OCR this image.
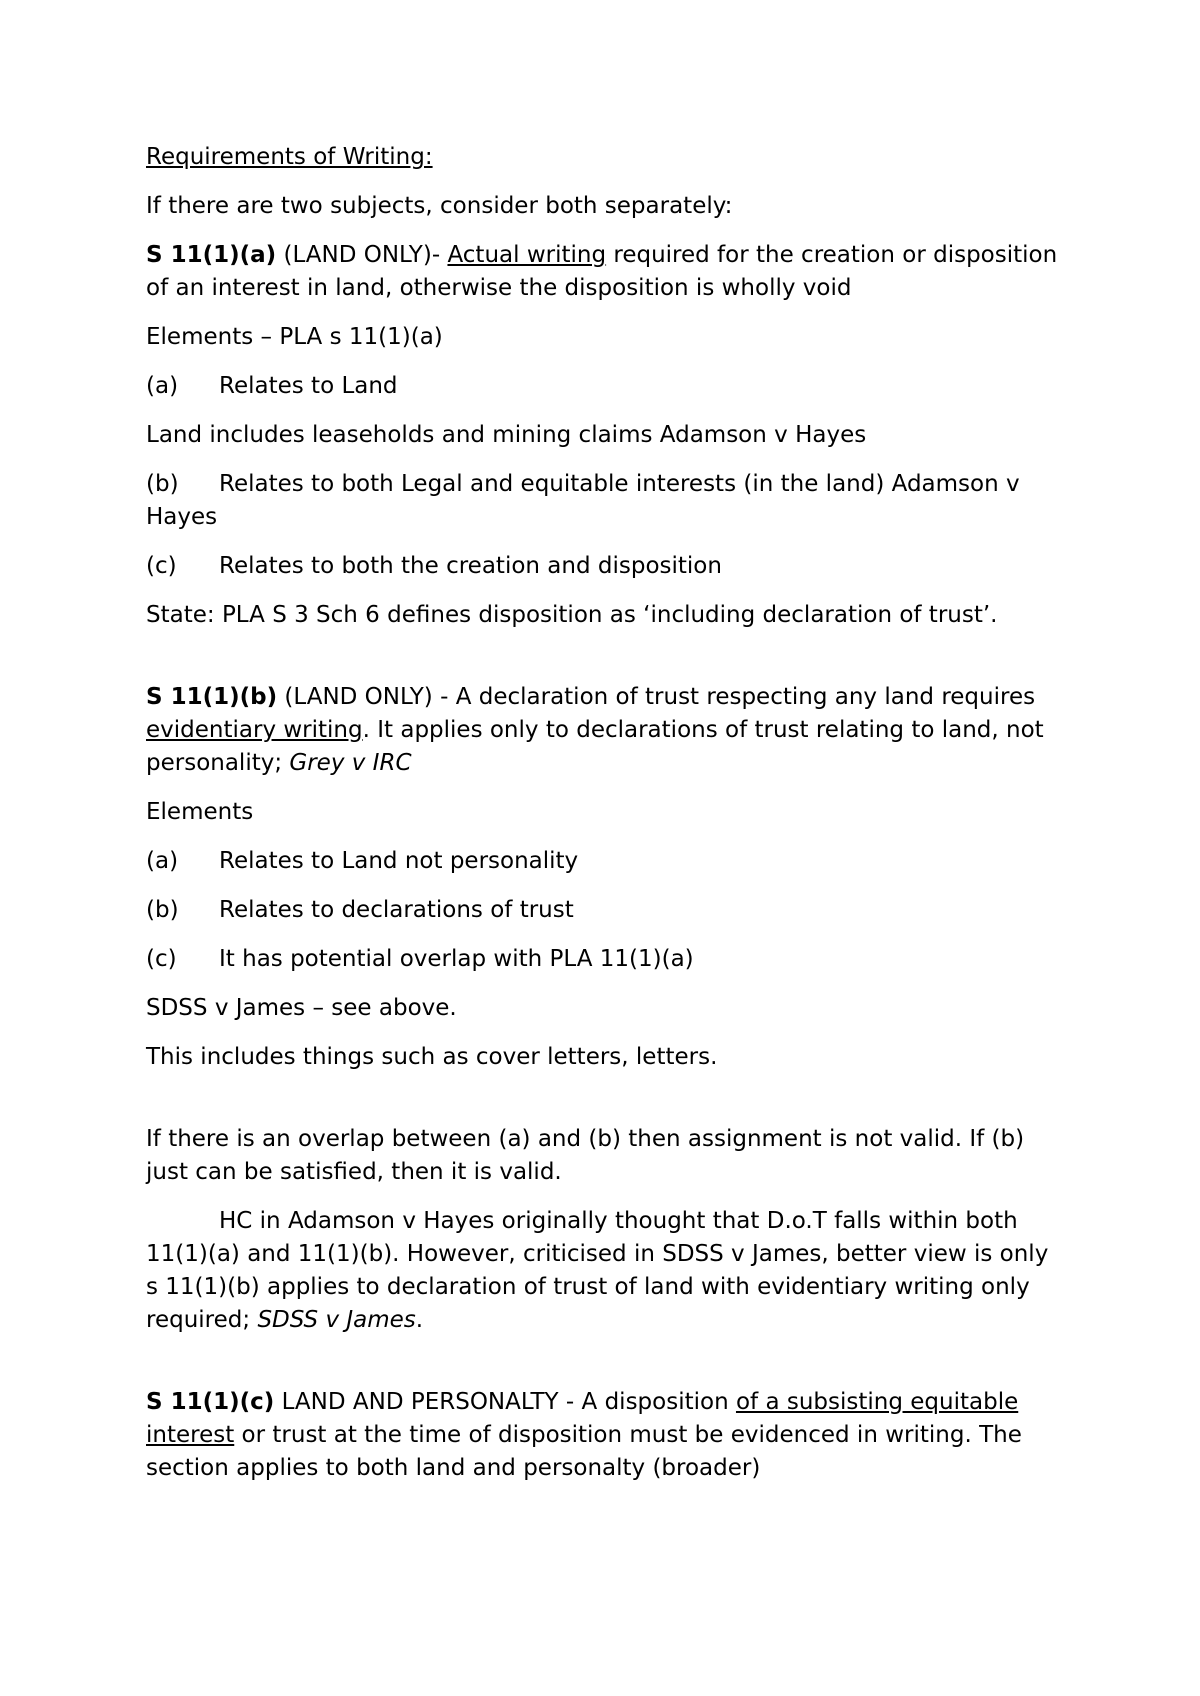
Requirements of Writing:

If there are two subjects, consider both separately:

S 11(1)(a) (LAND ONLY)- Actual writing required for the creation or disposition of an interest in land, otherwise the disposition is wholly void

Elements – PLA s 11(1)(a)

(a)	Relates to Land

Land includes leaseholds and mining claims Adamson v Hayes

(b) Relates to both Legal and equitable interests (in the land) Adamson v Hayes

(c)	Relates to both the creation and disposition

State: PLA S 3 Sch 6 defines disposition as ‘including declaration of trust’.

S 11(1)(b) (LAND ONLY) - A declaration of trust respecting any land requires evidentiary writing. It applies only to declarations of trust relating to land, not personality; Grey v IRC

Elements

(a)	Relates to Land not personality
(b)	Relates to declarations of trust
(c)	It has potential overlap with PLA 11(1)(a)

SDSS v James – see above.

This includes things such as cover letters, letters.

If there is an overlap between (a) and (b) then assignment is not valid. If (b) just can be satisfied, then it is valid.

HC in Adamson v Hayes originally thought that D.o.T falls within both 11(1)(a) and 11(1)(b). However, criticised in SDSS v James, better view is only s 11(1)(b) applies to declaration of trust of land with evidentiary writing only required; SDSS v James.

S 11(1)(c) LAND AND PERSONALTY - A disposition of a subsisting equitable interest or trust at the time of disposition must be evidenced in writing. The section applies to both land and personalty (broader)
